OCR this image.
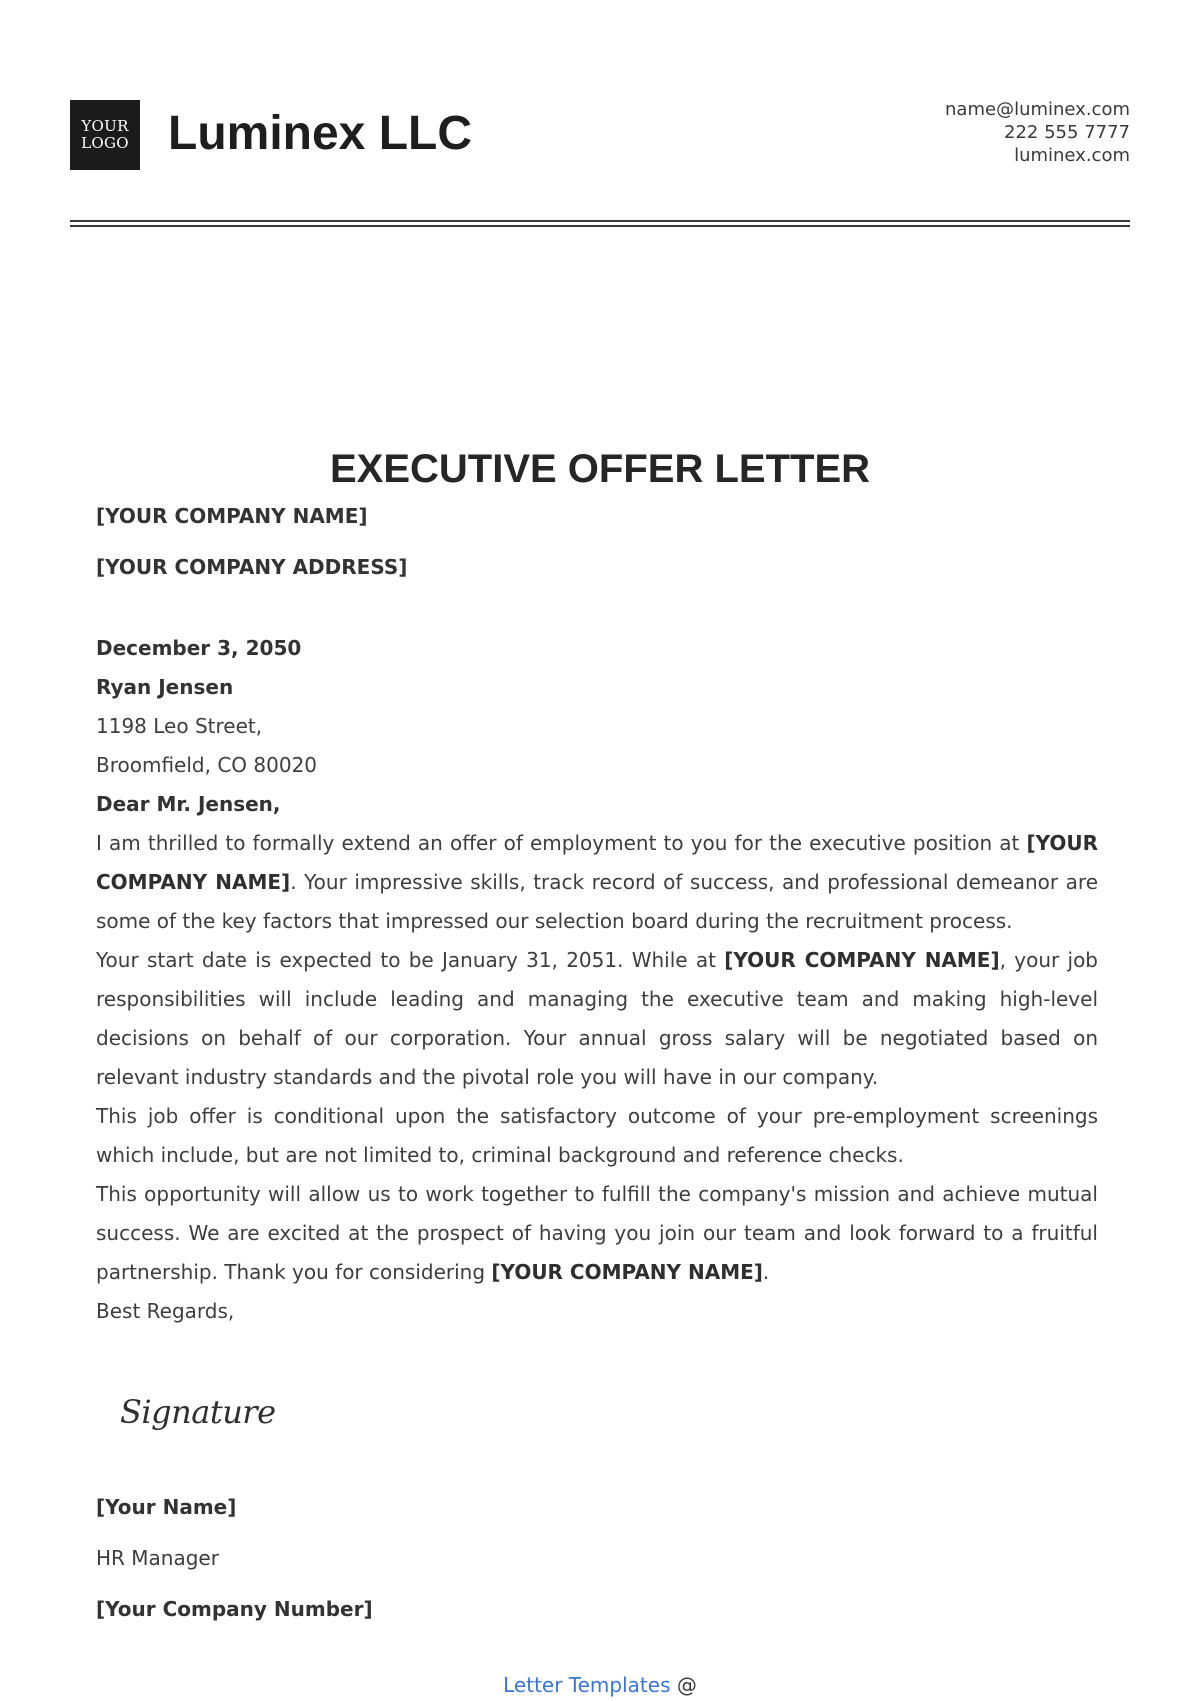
YOUR LOGO Luminex LLC	name@luminex.com
222 555 7777
luminex.com
EXECUTIVE OFFER LETTER
[YOUR COMPANY NAME]
[YOUR COMPANY ADDRESS]
December 3, 2050
Ryan Jensen
1198 Leo Street,
Broomfield, CO 80020
Dear Mr. Jensen,

I am thrilled to formally extend an offer of employment to you for the executive position at [YOUR COMPANY NAME]. Your impressive skills, track record of success, and professional demeanor are some of the key factors that impressed our selection board during the recruitment process.

Your start date is expected to be January 31, 2051. While at [YOUR COMPANY NAME], your job responsibilities will include leading and managing the executive team and making high-level decisions on behalf of our corporation. Your annual gross salary will be negotiated based on relevant industry standards and the pivotal role you will have in our company.

This job offer is conditional upon the satisfactory outcome of your pre-employment screenings which include, but are not limited to, criminal background and reference checks.

This opportunity will allow us to work together to fulfill the company's mission and achieve mutual success. We are excited at the prospect of having you join our team and look forward to a fruitful partnership. Thank you for considering [YOUR COMPANY NAME].

Best Regards,
Signature
[Your Name]
HR Manager
[Your Company Number]
Letter Templates @
